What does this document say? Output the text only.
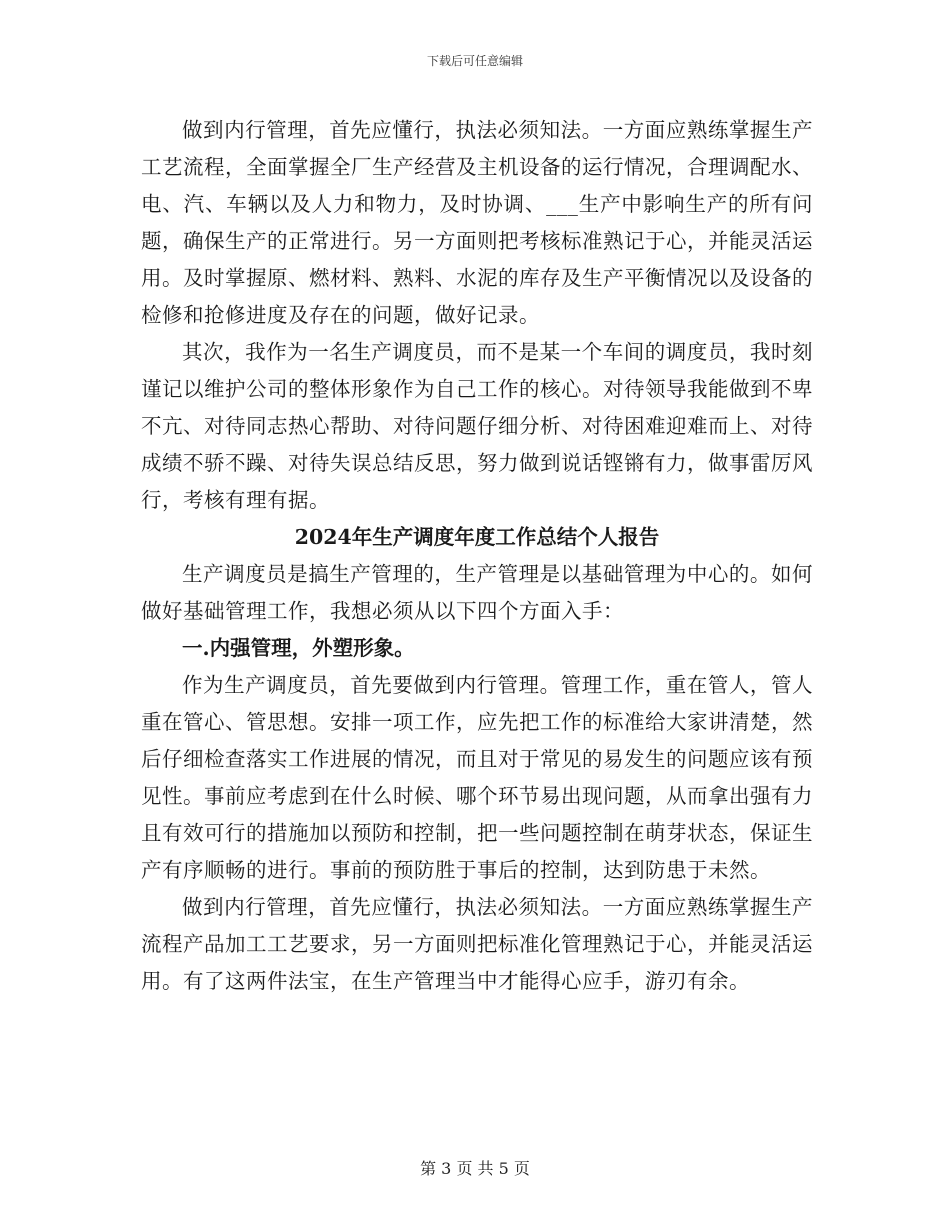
下载后可任意编辑

做到内行管理，首先应懂行，执法必须知法。一方面应熟练掌握生产工艺流程，全面掌握全厂生产经营及主机设备的运行情况，合理调配水、电、汽、车辆以及人力和物力，及时协调、___生产中影响生产的所有问题，确保生产的正常进行。另一方面则把考核标准熟记于心，并能灵活运用。及时掌握原、燃材料、熟料、水泥的库存及生产平衡情况以及设备的检修和抢修进度及存在的问题，做好记录。

其次，我作为一名生产调度员，而不是某一个车间的调度员，我时刻谨记以维护公司的整体形象作为自己工作的核心。对待领导我能做到不卑不亢、对待同志热心帮助、对待问题仔细分析、对待困难迎难而上、对待成绩不骄不躁、对待失误总结反思，努力做到说话铿锵有力，做事雷厉风行，考核有理有据。

2024年生产调度年度工作总结个人报告

生产调度员是搞生产管理的，生产管理是以基础管理为中心的。如何做好基础管理工作，我想必须从以下四个方面入手：

一.内强管理，外塑形象。

作为生产调度员，首先要做到内行管理。管理工作，重在管人，管人重在管心、管思想。安排一项工作，应先把工作的标准给大家讲清楚，然后仔细检查落实工作进展的情况，而且对于常见的易发生的问题应该有预见性。事前应考虑到在什么时候、哪个环节易出现问题，从而拿出强有力且有效可行的措施加以预防和控制，把一些问题控制在萌芽状态，保证生产有序顺畅的进行。事前的预防胜于事后的控制，达到防患于未然。

做到内行管理，首先应懂行，执法必须知法。一方面应熟练掌握生产流程产品加工工艺要求，另一方面则把标准化管理熟记于心，并能灵活运用。有了这两件法宝，在生产管理当中才能得心应手，游刃有余。

第 3 页 共 5 页
